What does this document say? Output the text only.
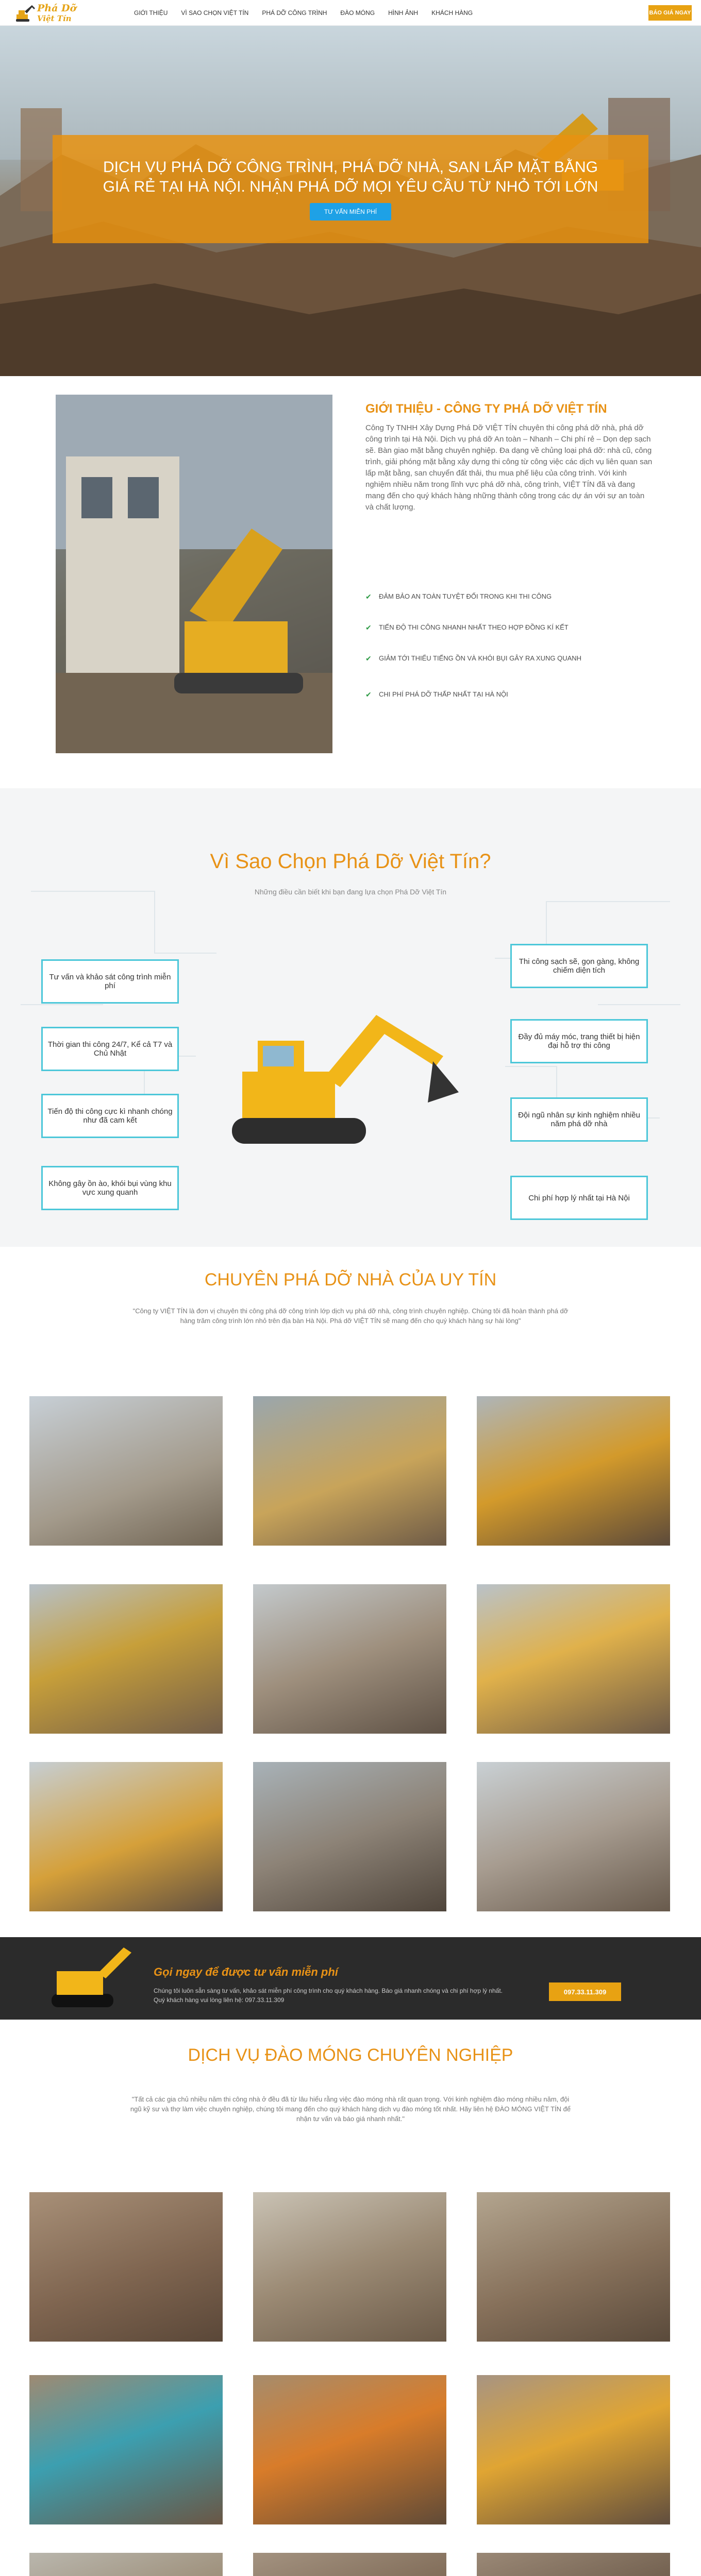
Phá Dỡ
Việt Tín
GIỚI THIỆU VÌ SAO CHỌN VIỆT TÍN PHÁ DỠ CÔNG TRÌNH ĐÀO MÓNG HÌNH ẢNH KHÁCH HÀNG	BÁO GIÁ NGAY
DỊCH VỤ PHÁ DỠ CÔNG TRÌNH, PHÁ DỠ NHÀ, SAN LẤP MẶT BẰNG GIÁ RẺ TẠI HÀ NỘI. NHẬN PHÁ DỠ MỌI YÊU CẦU TỪ NHỎ TỚI LỚN
TƯ VẤN MIỄN PHÍ
GIỚI THIỆU - CÔNG TY PHÁ DỠ VIỆT TÍN
Công Ty TNHH Xây Dựng Phá Dỡ VIỆT TÍN chuyên thi công phá dỡ nhà, phá dỡ công trình tại Hà Nội. Dịch vụ phá dỡ An toàn – Nhanh – Chi phí rẻ – Dọn dẹp sạch sẽ. Bàn giao mặt bằng chuyên nghiệp. Đa dạng về chủng loại phá dỡ: nhà cũ, công trình, giải phóng mặt bằng xây dựng thi công từ công việc các dịch vụ liên quan san lấp mặt bằng, san chuyển đất thải, thu mua phế liệu của công trình. Với kinh nghiệm nhiều năm trong lĩnh vực phá dỡ nhà, công trình, VIỆT TÍN đã và đang mang đến cho quý khách hàng những thành công trong các dự án với sự an toàn và chất lượng.
✔ ĐẢM BẢO AN TOÀN TUYỆT ĐỐI TRONG KHI THI CÔNG
✔ TIẾN ĐỘ THI CÔNG NHANH NHẤT THEO HỢP ĐỒNG KÍ KẾT
✔ GIẢM TỚI THIỂU TIẾNG ỒN VÀ KHÓI BỤI GÂY RA XUNG QUANH
✔ CHI PHÍ PHÁ DỠ THẤP NHẤT TẠI HÀ NỘI
Vì Sao Chọn Phá Dỡ Việt Tín?
Những điều cần biết khi bạn đang lựa chọn Phá Dỡ Việt Tín
Tư vấn và khảo sát công trình miễn phí
Thời gian thi công 24/7, Kể cả T7 và Chủ Nhật
Tiến độ thi công cực kì nhanh chóng như đã cam kết
Không gây ồn ào, khói bụi vùng khu vực xung quanh
Thi công sạch sẽ, gọn gàng, không chiếm diện tích
Đầy đủ máy móc, trang thiết bị hiện đại hỗ trợ thi công
Đội ngũ nhân sự kinh nghiệm nhiều năm phá dỡ nhà
Chi phí hợp lý nhất tại Hà Nội
CHUYÊN PHÁ DỠ NHÀ CỦA UY TÍN
"Công ty VIỆT TÍN là đơn vị chuyên thi công phá dỡ công trình lớp dịch vụ phá dỡ nhà, công trình chuyên nghiệp. Chúng tôi đã hoàn thành phá dỡ hàng trăm công trình lớn nhỏ trên địa bàn Hà Nội. Phá dỡ VIỆT TÍN sẽ mang đến cho quý khách hàng sự hài lòng"
Gọi ngay để được tư vấn miễn phí
Chúng tôi luôn sẵn sàng tư vấn, khảo sát miễn phí công trình cho quý khách hàng. Báo giá nhanh chóng và chi phí hợp lý nhất. Quý khách hàng vui lòng liên hệ: 097.33.11.309
097.33.11.309
DỊCH VỤ ĐÀO MÓNG CHUYÊN NGHIỆP
"Tất cả các gia chủ nhiều năm thi công nhà ở đều đã từ lâu hiểu rằng việc đào móng nhà rất quan trọng. Với kinh nghiệm đào móng nhiều năm, đội ngũ kỹ sư và thợ làm việc chuyên nghiệp, chúng tôi mang đến cho quý khách hàng dịch vụ đào móng tốt nhất. Hãy liên hệ ĐÀO MÓNG VIỆT TÍN để nhận tư vấn và báo giá nhanh nhất."
